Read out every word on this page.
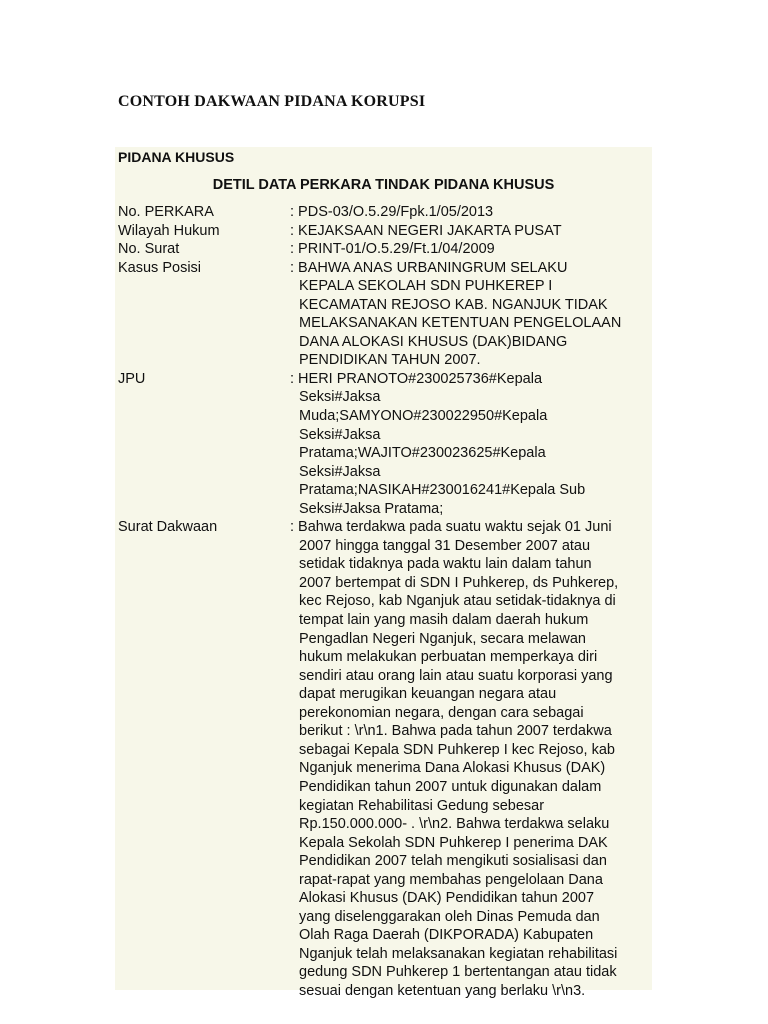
CONTOH DAKWAAN PIDANA KORUPSI
PIDANA KHUSUS
DETIL DATA PERKARA TINDAK PIDANA KHUSUS
No. PERKARA	: PDS-03/O.5.29/Fpk.1/05/2013
Wilayah Hukum	: KEJAKSAAN NEGERI JAKARTA PUSAT
No. Surat	: PRINT-01/O.5.29/Ft.1/04/2009
Kasus Posisi	: BAHWA ANAS URBANINGRUM SELAKU
KEPALA SEKOLAH SDN PUHKEREP I
KECAMATAN REJOSO KAB. NGANJUK TIDAK
MELAKSANAKAN KETENTUAN PENGELOLAAN
DANA ALOKASI KHUSUS (DAK)BIDANG
PENDIDIKAN TAHUN 2007.
JPU	: HERI PRANOTO#230025736#Kepala
Seksi#Jaksa
Muda;SAMYONO#230022950#Kepala
Seksi#Jaksa
Pratama;WAJITO#230023625#Kepala
Seksi#Jaksa
Pratama;NASIKAH#230016241#Kepala Sub
Seksi#Jaksa Pratama;
Surat Dakwaan	: Bahwa terdakwa pada suatu waktu sejak 01 Juni
2007 hingga tanggal 31 Desember 2007 atau
setidak tidaknya pada waktu lain dalam tahun
2007 bertempat di SDN I Puhkerep, ds Puhkerep,
kec Rejoso, kab Nganjuk atau setidak-tidaknya di
tempat lain yang masih dalam daerah hukum
Pengadlan Negeri Nganjuk, secara melawan
hukum melakukan perbuatan memperkaya diri
sendiri atau orang lain atau suatu korporasi yang
dapat merugikan keuangan negara atau
perekonomian negara, dengan cara sebagai
berikut : \r\n1. Bahwa pada tahun 2007 terdakwa
sebagai Kepala SDN Puhkerep I kec Rejoso, kab
Nganjuk menerima Dana Alokasi Khusus (DAK)
Pendidikan tahun 2007 untuk digunakan dalam
kegiatan Rehabilitasi Gedung sebesar
Rp.150.000.000- . \r\n2. Bahwa terdakwa selaku
Kepala Sekolah SDN Puhkerep I penerima DAK
Pendidikan 2007 telah mengikuti sosialisasi dan
rapat-rapat yang membahas pengelolaan Dana
Alokasi Khusus (DAK) Pendidikan tahun 2007
yang diselenggarakan oleh Dinas Pemuda dan
Olah Raga Daerah (DIKPORADA) Kabupaten
Nganjuk telah melaksanakan kegiatan rehabilitasi
gedung SDN Puhkerep 1 bertentangan atau tidak
sesuai dengan ketentuan yang berlaku \r\n3.
